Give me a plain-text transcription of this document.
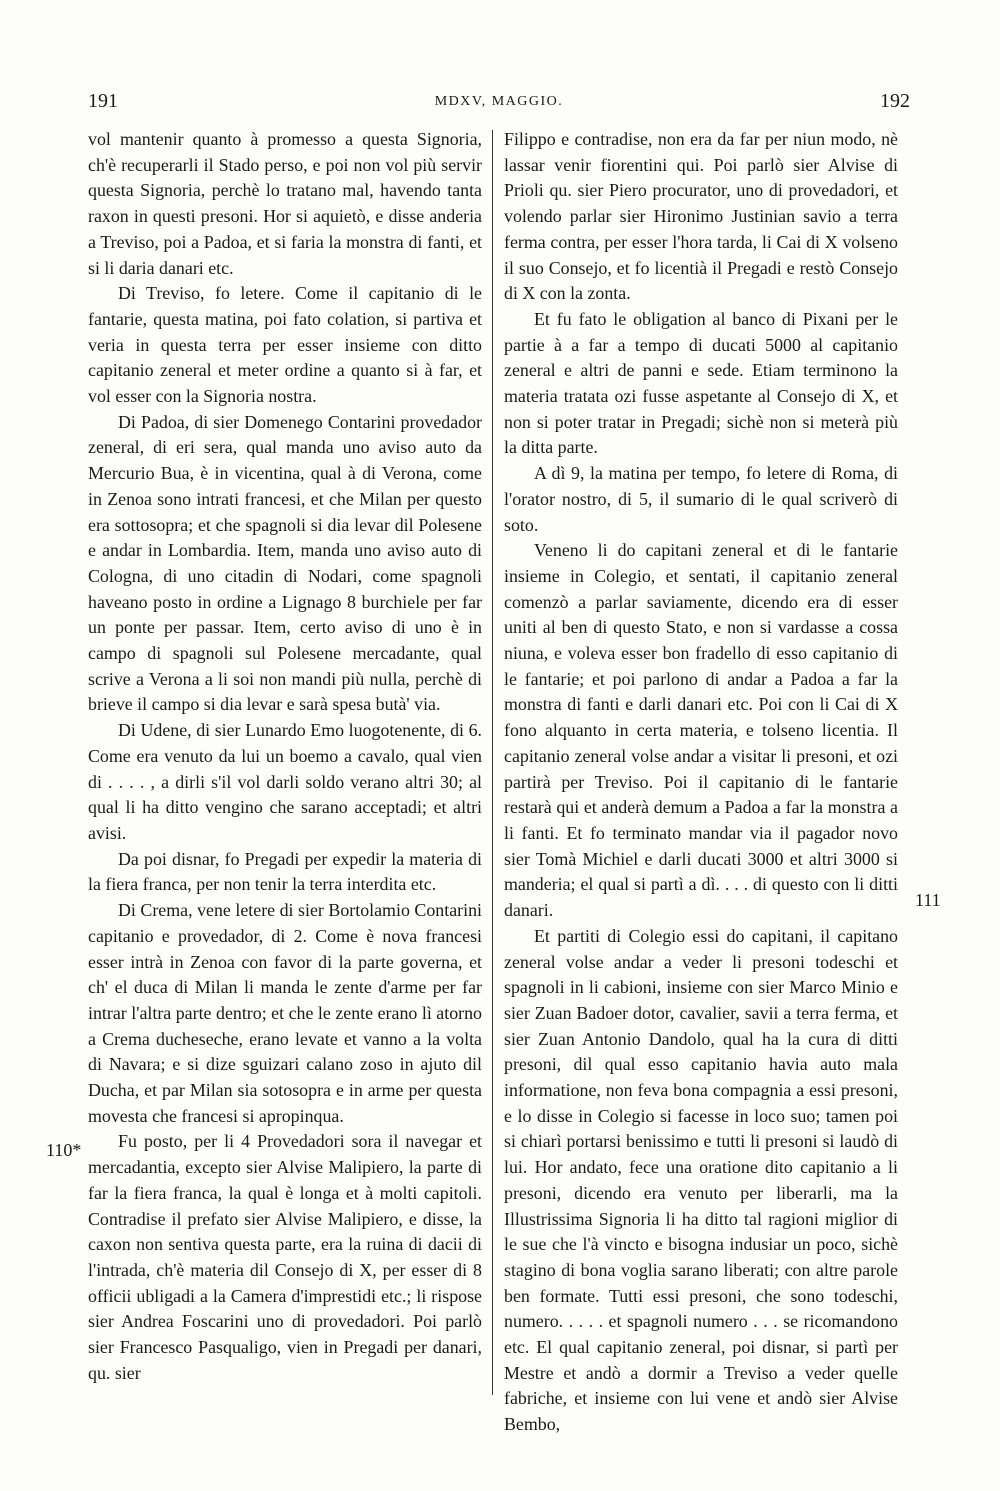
191	MDXV, MAGGIO.	192

vol mantenir quanto à promesso a questa Signoria, ch'è recuperarli il Stado perso, e poi non vol più servir questa Signoria, perchè lo tratano mal, havendo tanta raxon in questi presoni. Hor si aquietò, e disse anderia a Treviso, poi a Padoa, et si faria la monstra di fanti, et si li daria danari etc.

Di Treviso, fo letere. Come il capitanio di le fantarie, questa matina, poi fato colation, si partiva et veria in questa terra per esser insieme con ditto capitanio zeneral et meter ordine a quanto si à far, et vol esser con la Signoria nostra.

Di Padoa, di sier Domenego Contarini provedador zeneral, di eri sera, qual manda uno aviso auto da Mercurio Bua, è in vicentina, qual à di Verona, come in Zenoa sono intrati francesi, et che Milan per questo era sottosopra; et che spagnoli si dia levar dil Polesene e andar in Lombardia. Item, manda uno aviso auto di Cologna, di uno citadin di Nodari, come spagnoli haveano posto in ordine a Lignago 8 burchiele per far un ponte per passar. Item, certo aviso di uno è in campo di spagnoli sul Polesene mercadante, qual scrive a Verona a li soi non mandi più nulla, perchè di brieve il campo si dia levar e sarà spesa butà' via.

Di Udene, di sier Lunardo Emo luogotenente, di 6. Come era venuto da lui un boemo a cavalo, qual vien di . . . . , a dirli s'il vol darli soldo verano altri 30; al qual li ha ditto vengino che sarano acceptadi; et altri avisi.

Da poi disnar, fo Pregadi per expedir la materia di la fiera franca, per non tenir la terra interdita etc.

Di Crema, vene letere di sier Bortolamio Contarini capitanio e provedador, di 2. Come è nova francesi esser intrà in Zenoa con favor di la parte governa, et ch' el duca di Milan li manda le zente d'arme per far intrar l'altra parte dentro; et che le zente erano lì atorno a Crema ducheseche, erano levate et vanno a la volta di Navara; e si dize sguizari calano zoso in ajuto dil Ducha, et par Milan sia sotosopra e in arme per questa movesta che francesi si apropinqua.

Fu posto, per li 4 Provedadori sora il navegar et mercadantia, excepto sier Alvise Malipiero, la parte di far la fiera franca, la qual è longa et à molti capitoli. Contradise il prefato sier Alvise Malipiero, e disse, la caxon non sentiva questa parte, era la ruina di dacii di l'intrada, ch'è materia dil Consejo di X, per esser di 8 officii ubligadi a la Camera d'imprestidi etc.; li rispose sier Andrea Foscarini uno di provedadori. Poi parlò sier Francesco Pasqualigo, vien in Pregadi per danari, qu. sier

Filippo e contradise, non era da far per niun modo, nè lassar venir fiorentini qui. Poi parlò sier Alvise di Prioli qu. sier Piero procurator, uno di provedadori, et volendo parlar sier Hironimo Justinian savio a terra ferma contra, per esser l'hora tarda, li Cai di X volseno il suo Consejo, et fo licentià il Pregadi e restò Consejo di X con la zonta.

Et fu fato le obligation al banco di Pixani per le partie à a far a tempo di ducati 5000 al capitanio zeneral e altri de panni e sede. Etiam terminono la materia tratata ozi fusse aspetante al Consejo di X, et non si poter tratar in Pregadi; sichè non si meterà più la ditta parte.

A dì 9, la matina per tempo, fo letere di Roma, di l'orator nostro, di 5, il sumario di le qual scriverò di soto.

Veneno li do capitani zeneral et di le fantarie insieme in Colegio, et sentati, il capitanio zeneral comenzò a parlar saviamente, dicendo era di esser uniti al ben di questo Stato, e non si vardasse a cossa niuna, e voleva esser bon fradello di esso capitanio di le fantarie; et poi parlono di andar a Padoa a far la monstra di fanti e darli danari etc. Poi con li Cai di X fono alquanto in certa materia, e tolseno licentia. Il capitanio zeneral volse andar a visitar li presoni, et ozi partirà per Treviso. Poi il capitanio di le fantarie restarà qui et anderà demum a Padoa a far la monstra a li fanti. Et fo terminato mandar via il pagador novo sier Tomà Michiel e darli ducati 3000 et altri 3000 si manderia; el qual si partì a dì. . . . di questo con li ditti danari.

Et partiti di Colegio essi do capitani, il capitano zeneral volse andar a veder li presoni todeschi et spagnoli in li cabioni, insieme con sier Marco Minio e sier Zuan Badoer dotor, cavalier, savii a terra ferma, et sier Zuan Antonio Dandolo, qual ha la cura di ditti presoni, dil qual esso capitanio havia auto mala informatione, non feva bona compagnia a essi presoni, e lo disse in Colegio si facesse in loco suo; tamen poi si chiarì portarsi benissimo e tutti li presoni si laudò di lui. Hor andato, fece una oratione dito capitanio a li presoni, dicendo era venuto per liberarli, ma la Illustrissima Signoria li ha ditto tal ragioni miglior di le sue che l'à vincto e bisogna indusiar un poco, sichè stagino di bona voglia sarano liberati; con altre parole ben formate. Tutti essi presoni, che sono todeschi, numero. . . . . et spagnoli numero . . . se ricomandono etc. El qual capitanio zeneral, poi disnar, si partì per Mestre et andò a dormir a Treviso a veder quelle fabriche, et insieme con lui vene et andò sier Alvise Bembo,

110*
111
